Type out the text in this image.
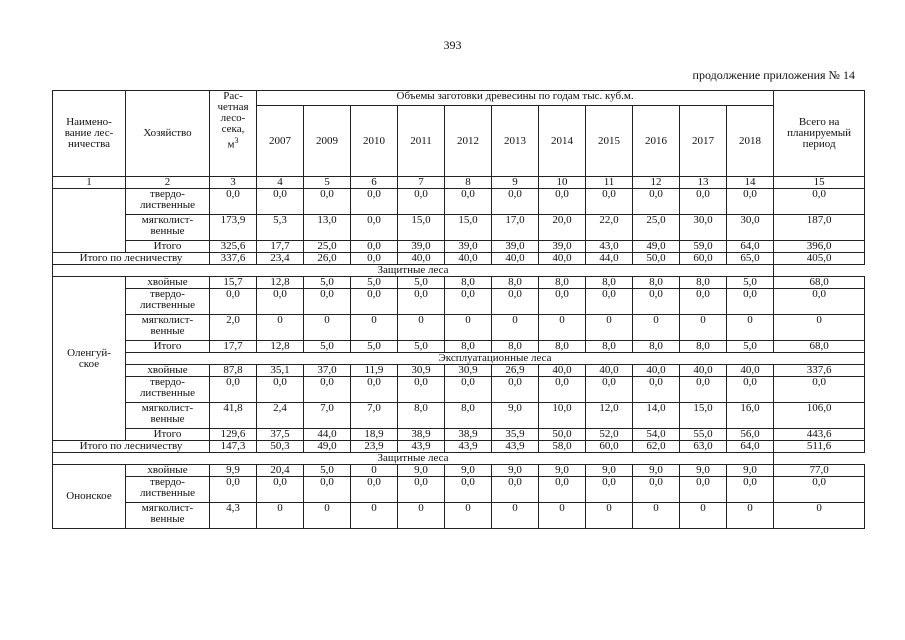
393
продолжение приложения № 14
Наимено-
вание лес-
ничества	Хозяйство	Рас-
четная
лесо-
сека,
$м^3$	Объемы заготовки древесины по годам тыс. куб.м.											Всего на
планируемый
период
			2007	2009	2010	2011	2012	2013	2014	2015	2016	2017	2018	
1	2	3	4	5	6	7	8	9	10	11	12	13	14	15
	твердо-
лиственные	0,0	0,0	0,0	0,0	0,0	0,0	0,0	0,0	0,0	0,0	0,0	0,0	0,0
	мягколист-
венные	173,9	5,3	13,0	0,0	15,0	15,0	17,0	20,0	22,0	25,0	30,0	30,0	187,0
	Итого	325,6	17,7	25,0	0,0	39,0	39,0	39,0	39,0	43,0	49,0	59,0	64,0	396,0
Итого по лесничеству		337,6	23,4	26,0	0,0	40,0	40,0	40,0	40,0	44,0	50,0	60,0	65,0	405,0
Защитные леса														
Оленгуй-
ское	хвойные	15,7	12,8	5,0	5,0	5,0	8,0	8,0	8,0	8,0	8,0	8,0	5,0	68,0
	твердо-
лиственные	0,0	0,0	0,0	0,0	0,0	0,0	0,0	0,0	0,0	0,0	0,0	0,0	0,0
	мягколист-
венные	2,0	0	0	0	0	0	0	0	0	0	0	0	0
	Итого	17,7	12,8	5,0	5,0	5,0	8,0	8,0	8,0	8,0	8,0	8,0	5,0	68,0
	Эксплуатационные леса													
	хвойные	87,8	35,1	37,0	11,9	30,9	30,9	26,9	40,0	40,0	40,0	40,0	40,0	337,6
	твердо-
лиственные	0,0	0,0	0,0	0,0	0,0	0,0	0,0	0,0	0,0	0,0	0,0	0,0	0,0
	мягколист-
венные	41,8	2,4	7,0	7,0	8,0	8,0	9,0	10,0	12,0	14,0	15,0	16,0	106,0
	Итого	129,6	37,5	44,0	18,9	38,9	38,9	35,9	50,0	52,0	54,0	55,0	56,0	443,6
Итого по лесничеству		147,3	50,3	49,0	23,9	43,9	43,9	43,9	58,0	60,0	62,0	63,0	64,0	511,6
Защитные леса														
Ононское	хвойные	9,9	20,4	5,0	0	9,0	9,0	9,0	9,0	9,0	9,0	9,0	9,0	77,0
	твердо-
лиственные	0,0	0,0	0,0	0,0	0,0	0,0	0,0	0,0	0,0	0,0	0,0	0,0	0,0
	мягколист-
венные	4,3	0	0	0	0	0	0	0	0	0	0	0	0
